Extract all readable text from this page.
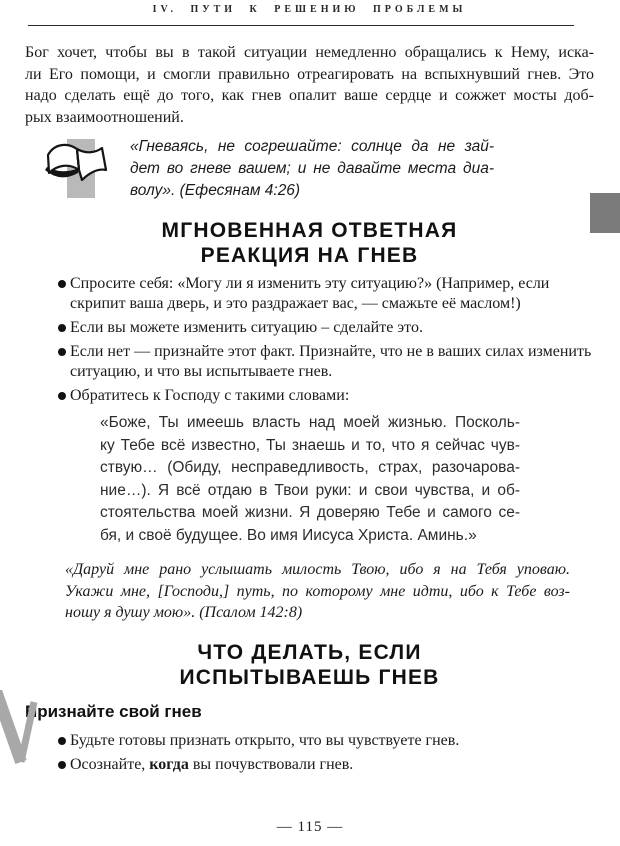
IV. ПУТИ К РЕШЕНИЮ ПРОБЛЕМЫ
Бог хочет, чтобы вы в такой ситуации немедленно обращались к Нему, иска-
ли Его помощи, и смогли правильно отреагировать на вспыхнувший гнев. Это
надо сделать ещё до того, как гнев опалит ваше сердце и сожжет мосты доб-
рых взаимоотношений.
«Гневаясь, не согрешайте: солнце да не зай-
дет во гневе вашем; и не давайте места диа-
волу». (Ефесянам 4:26)
МГНОВЕННАЯ ОТВЕТНАЯ
РЕАКЦИЯ НА ГНЕВ
Спросите себя: «Могу ли я изменить эту ситуацию?» (Например, если скрипит ваша дверь, и это раздражает вас, — смажьте её маслом!)
Если вы можете изменить ситуацию – сделайте это.
Если нет — признайте этот факт. Признайте, что не в ваших силах изменить ситуацию, и что вы испытываете гнев.
Обратитесь к Господу с такими словами:
«Боже, Ты имеешь власть над моей жизнью. Посколь-
ку Тебе всё известно, Ты знаешь и то, что я сейчас чув-
ствую… (Обиду, несправедливость, страх, разочарова-
ние…). Я всё отдаю в Твои руки: и свои чувства, и об-
стоятельства моей жизни. Я доверяю Тебе и самого се-
бя, и своё будущее. Во имя Иисуса Христа. Аминь.»
«Даруй мне рано услышать милость Твою, ибо я на Тебя уповаю.
Укажи мне, [Господи,] путь, по которому мне идти, ибо к Тебе воз-
ношу я душу мою». (Псалом 142:8)
ЧТО ДЕЛАТЬ, ЕСЛИ
ИСПЫТЫВАЕШЬ ГНЕВ
Признайте свой гнев
Будьте готовы признать открыто, что вы чувствуете гнев.
Осознайте, когда вы почувствовали гнев.
— 115 —
